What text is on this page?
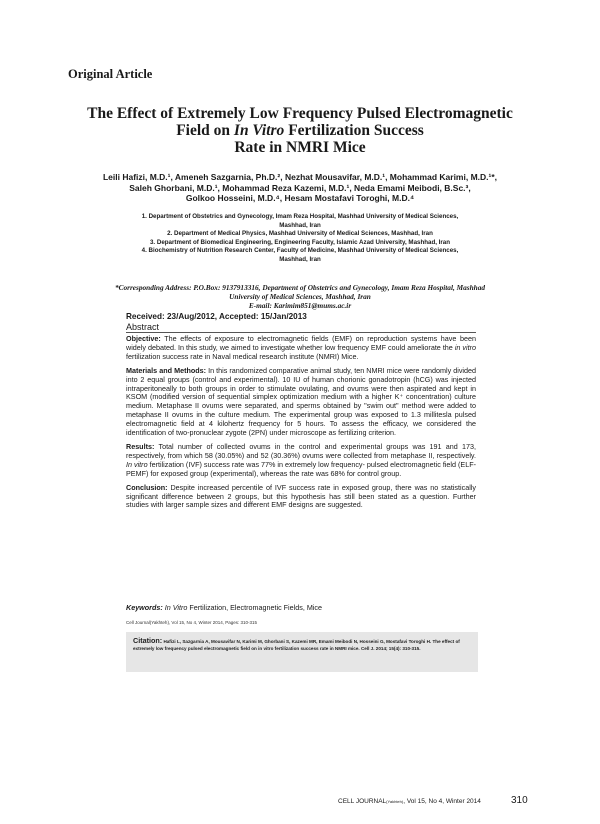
Original Article
The Effect of Extremely Low Frequency Pulsed Electromagnetic
Field on In Vitro Fertilization Success
Rate in NMRI Mice
Leili Hafizi, M.D.¹, Ameneh Sazgarnia, Ph.D.², Nezhat Mousavifar, M.D.¹, Mohammad Karimi, M.D.¹*,
Saleh Ghorbani, M.D.¹, Mohammad Reza Kazemi, M.D.¹, Neda Emami Meibodi, B.Sc.³,
Golkoo Hosseini, M.D.⁴, Hesam Mostafavi Toroghi, M.D.⁴
1. Department of Obstetrics and Gynecology, Imam Reza Hospital, Mashhad University of Medical Sciences,
Mashhad, Iran
2. Department of Medical Physics, Mashhad University of Medical Sciences, Mashhad, Iran
3. Department of Biomedical Engineering, Engineering Faculty, Islamic Azad University, Mashhad, Iran
4. Biochemistry of Nutrition Research Center, Faculty of Medicine, Mashhad University of Medical Sciences,
Mashhad, Iran
*Corresponding Address: P.O.Box: 9137913316, Department of Obstetrics and Gynecology, Imam Reza Hospital, Mashhad
University of Medical Sciences, Mashhad, Iran
E-mail: Karimim851@mums.ac.ir
Received: 23/Aug/2012, Accepted: 15/Jan/2013
Abstract

Objective: The effects of exposure to electromagnetic fields (EMF) on reproduction systems have been widely debated. In this study, we aimed to investigate whether low frequency EMF could ameliorate the in vitro fertilization success rate in Naval medical research institute (NMRI) Mice.

Materials and Methods: In this randomized comparative animal study, ten NMRI mice were randomly divided into 2 equal groups (control and experimental). 10 IU of human chorionic gonadotropin (hCG) was injected intraperitoneally to both groups in order to stimulate ovulating, and ovums were then aspirated and kept in KSOM (modified version of sequential simplex optimization medium with a higher K⁺ concentration) culture medium. Metaphase II ovums were separated, and sperms obtained by "swim out" method were added to metaphase II ovums in the culture medium. The experimental group was exposed to 1.3 millitesla pulsed electromagnetic field at 4 kilohertz frequency for 5 hours. To assess the efficacy, we considered the identification of two-pronuclear zygote (2PN) under microscope as fertilizing criterion.

Results: Total number of collected ovums in the control and experimental groups was 191 and 173, respectively, from which 58 (30.05%) and 52 (30.36%) ovums were collected from metaphase II, respectively. In vitro fertilization (IVF) success rate was 77% in extremely low frequency- pulsed electromagnetic field (ELF-PEMF) for exposed group (experimental), whereas the rate was 68% for control group.

Conclusion: Despite increased percentile of IVF success rate in exposed group, there was no statistically significant difference between 2 groups, but this hypothesis has still been stated as a question. Further studies with larger sample sizes and different EMF designs are suggested.

Keywords: In Vitro Fertilization, Electromagnetic Fields, Mice
Cell Journal(Yakhteh), Vol 15, No 4, Winter 2014, Pages: 310-315
Citation: Hafizi L, Sazgarnia A, Mousavifar N, Karimi M, Ghorbani S, Kazemi MR, Emami Meibodi N, Hosseini G, Mostafavi Toroghi H. The effect of extremely low frequency pulsed electromagnetic field on in vitro fertilization success rate in NMRI mice. Cell J. 2014; 15(4): 310-315.
CELL JOURNAL(Yakhteh), Vol 15, No 4, Winter 2014	310
